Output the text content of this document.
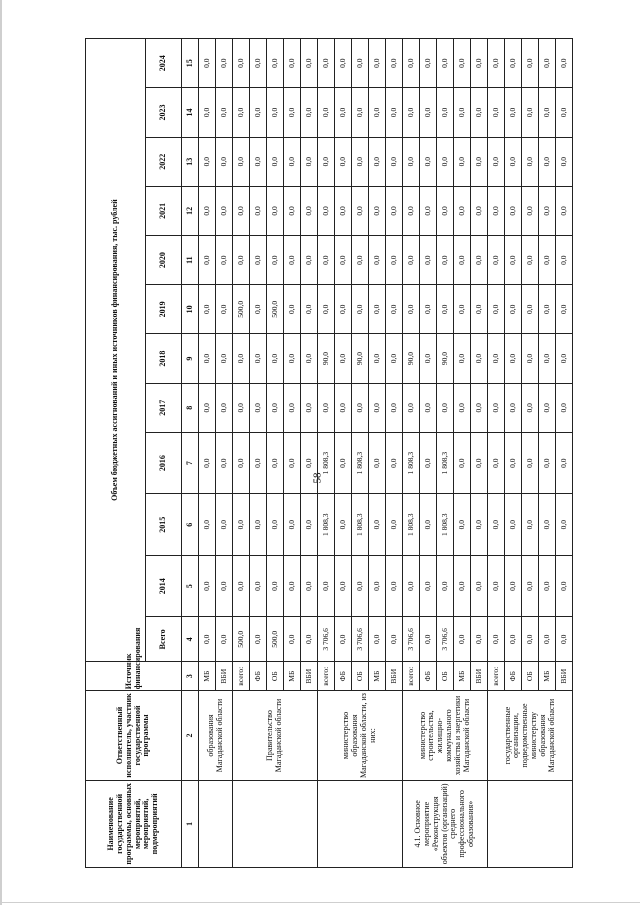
58
Наименование государственной программы, основных мероприятий, мероприятий, подмероприятий	Ответственный исполнитель, участник государственной программы	Источник финансирования	Объем бюджетных ассигнований и иных источников финансирования, тыс. рублей											
			Всего	2014	2015	2016	2017	2018	2019	2020	2021	2022	2023	2024
1	2	3	4	5	6	7	8	9	10	11	12	13	14	15
	образования Магаданской области	МБ	0,0	0,0	0,0	0,0	0,0	0,0	0,0	0,0	0,0	0,0	0,0	0,0
		ВБИ	0,0	0,0	0,0	0,0	0,0	0,0	0,0	0,0	0,0	0,0	0,0	0,0
	Правительство Магаданской области	всего:	500,0	0,0	0,0	0,0	0,0	0,0	500,0	0,0	0,0	0,0	0,0	0,0
		ФБ	0,0	0,0	0,0	0,0	0,0	0,0	0,0	0,0	0,0	0,0	0,0	0,0
		ОБ	500,0	0,0	0,0	0,0	0,0	0,0	500,0	0,0	0,0	0,0	0,0	0,0
		МБ	0,0	0,0	0,0	0,0	0,0	0,0	0,0	0,0	0,0	0,0	0,0	0,0
		ВБИ	0,0	0,0	0,0	0,0	0,0	0,0	0,0	0,0	0,0	0,0	0,0	0,0
	министерство образования Магаданской области, из них:	всего:	3 706,6	0,0	1 808,3	1 808,3	0,0	90,0	0,0	0,0	0,0	0,0	0,0	0,0
		ФБ	0,0	0,0	0,0	0,0	0,0	0,0	0,0	0,0	0,0	0,0	0,0	0,0
		ОБ	3 706,6	0,0	1 808,3	1 808,3	0,0	90,0	0,0	0,0	0,0	0,0	0,0	0,0
		МБ	0,0	0,0	0,0	0,0	0,0	0,0	0,0	0,0	0,0	0,0	0,0	0,0
		ВБИ	0,0	0,0	0,0	0,0	0,0	0,0	0,0	0,0	0,0	0,0	0,0	0,0
4.1. Основное мероприятие «Реконструкция объектов (организаций) среднего профессионального образования»	министерство строительства, жилищно-коммунального хозяйства и энергетики Магаданской области	всего:	3 706,6	0,0	1 808,3	1 808,3	0,0	90,0	0,0	0,0	0,0	0,0	0,0	0,0
		ФБ	0,0	0,0	0,0	0,0	0,0	0,0	0,0	0,0	0,0	0,0	0,0	0,0
		ОБ	3 706,6	0,0	1 808,3	1 808,3	0,0	90,0	0,0	0,0	0,0	0,0	0,0	0,0
		МБ	0,0	0,0	0,0	0,0	0,0	0,0	0,0	0,0	0,0	0,0	0,0	0,0
		ВБИ	0,0	0,0	0,0	0,0	0,0	0,0	0,0	0,0	0,0	0,0	0,0	0,0
	государственные организации, подведомственные министерству образования Магаданской области	всего:	0,0	0,0	0,0	0,0	0,0	0,0	0,0	0,0	0,0	0,0	0,0	0,0
		ФБ	0,0	0,0	0,0	0,0	0,0	0,0	0,0	0,0	0,0	0,0	0,0	0,0
		ОБ	0,0	0,0	0,0	0,0	0,0	0,0	0,0	0,0	0,0	0,0	0,0	0,0
		МБ	0,0	0,0	0,0	0,0	0,0	0,0	0,0	0,0	0,0	0,0	0,0	0,0
		ВБИ	0,0	0,0	0,0	0,0	0,0	0,0	0,0	0,0	0,0	0,0	0,0	0,0
